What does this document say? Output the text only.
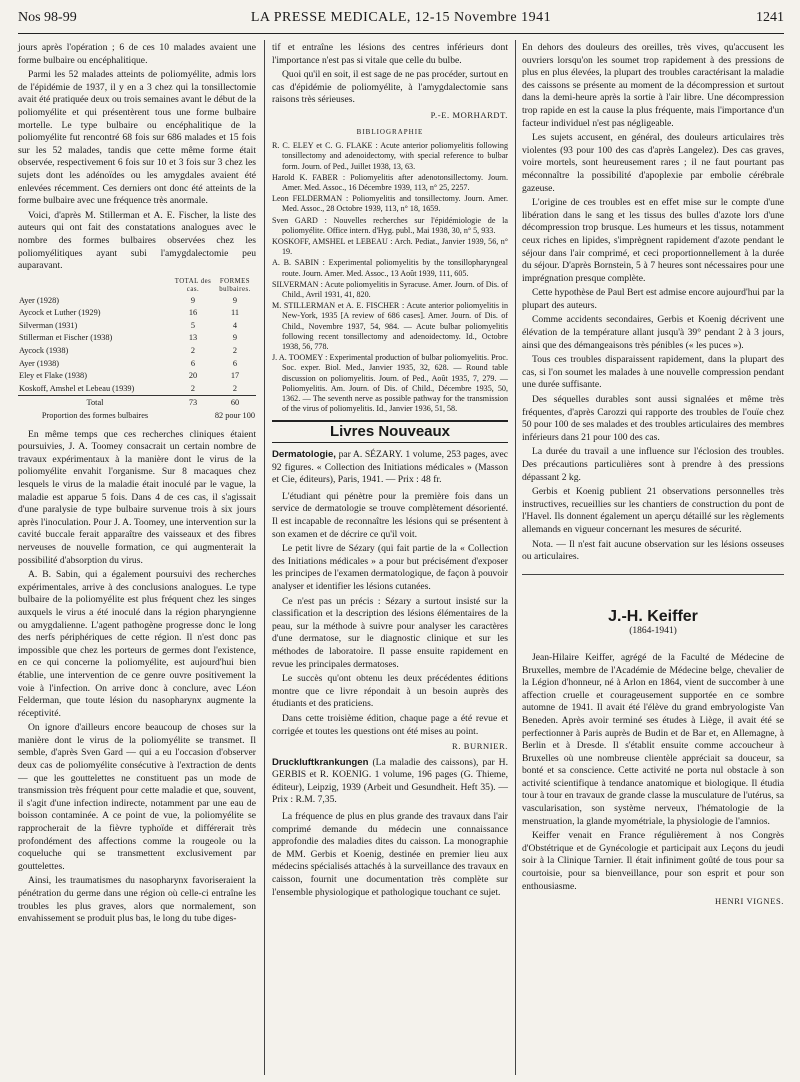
Nos 98-99	LA PRESSE MEDICALE, 12-15 Novembre 1941	1241

jours après l'opération ; 6 de ces 10 malades avaient une forme bulbaire ou encéphalitique.

Parmi les 52 malades atteints de poliomyélite, admis lors de l'épidémie de 1937, il y en a 3 chez qui la tonsillectomie avait été pratiquée deux ou trois semaines avant le début de la poliomyélite et qui présentèrent tous une forme bulbaire mortelle. Le type bulbaire ou encéphalitique de la poliomyélite fut rencontré 68 fois sur 686 malades et 15 fois sur les 52 malades, tandis que cette même forme était observée, respectivement 6 fois sur 10 et 3 fois sur 3 chez les sujets dont les adénoïdes ou les amygdales avaient été enlevées récemment. Ces derniers ont donc été atteints de la forme bulbaire avec une fréquence très anormale.

Voici, d'après M. Stillerman et A. E. Fischer, la liste des auteurs qui ont fait des constatations analogues avec le nombre des formes bulbaires observées chez les poliomyélitiques ayant subi l'amygdalectomie peu auparavant.

	TOTAL des cas.	FORMES bulbaires.
Ayer (1928)	9	9
Aycock et Luther (1929)	16	11
Silverman (1931)	5	4
Stillerman et Fischer (1938)	13	9
Aycock (1938)	2	2
Ayer (1938)	6	6
Eley et Flake (1938)	20	17
Koskoff, Amshel et Lebeau (1939)	2	2
Total	73	60
Proportion des formes bulbaires	82 pour 100	

En même temps que ces recherches cliniques étaient poursuivies, J. A. Toomey consacrait un certain nombre de travaux expérimentaux à la manière dont le virus de la poliomyélite envahit l'organisme. Sur 8 macaques chez lesquels le virus de la maladie était inoculé par le vague, la maladie est apparue 5 fois. Dans 4 de ces cas, il s'agissait d'une paralysie de type bulbaire survenue trois à six jours après l'inoculation. Pour J. A. Toomey, une intervention sur la cavité buccale ferait apparaître des vaisseaux et des fibres nerveuses de nouvelle formation, ce qui augmenterait la possibilité d'absorption du virus.

A. B. Sabin, qui a également poursuivi des recherches expérimentales, arrive à des conclusions analogues. Le type bulbaire de la poliomyélite est plus fréquent chez les singes auxquels le virus a été inoculé dans la région pharyngienne ou amygdalienne. L'agent pathogène progresse donc le long des nerfs périphériques de cette région. Il n'est donc pas impossible que chez les porteurs de germes dont l'existence, en ce qui concerne la poliomyélite, est aujourd'hui bien établie, une intervention de ce genre ouvre positivement la voie à l'infection. On arrive donc à conclure, avec Léon Felderman, que toute lésion du nasopharynx augmente la réceptivité.

On ignore d'ailleurs encore beaucoup de choses sur la manière dont le virus de la poliomyélite se transmet. Il semble, d'après Sven Gard — qui a eu l'occasion d'observer deux cas de poliomyélite consécutive à l'extraction de dents — que les gouttelettes ne constituent pas un mode de transmission très fréquent pour cette maladie et que, souvent, il s'agit d'une infection indirecte, notamment par une eau de boisson contaminée. A ce point de vue, la poliomyélite se rapprocherait de la fièvre typhoïde et différerait très profondément des affections comme la rougeole ou la coqueluche qui se transmettent exclusivement par gouttelettes.

Ainsi, les traumatismes du nasopharynx favoriseraient la pénétration du germe dans une région où celle-ci entraîne les troubles les plus graves, alors que normalement, son envahissement se produit plus bas, le long du tube diges-

tif et entraîne les lésions des centres inférieurs dont l'importance n'est pas si vitale que celle du bulbe.

Quoi qu'il en soit, il est sage de ne pas procéder, surtout en cas d'épidémie de poliomyélite, à l'amygdalectomie sans raisons très sérieuses.

P.-E. MORHARDT.
BIBLIOGRAPHIE
R. C. ELEY et C. G. FLAKE : Acute anterior poliomyelitis following tonsillectomy and adenoidectomy, with special reference to bulbar form. Journ. of Ped., Juillet 1938, 13, 63.
Harold K. FABER : Poliomyelitis after adenotonsillectomy. Journ. Amer. Med. Assoc., 16 Décembre 1939, 113, n° 25, 2257.
Leon FELDERMAN : Poliomyelitis and tonsillectomy. Journ. Amer. Med. Assoc., 28 Octobre 1939, 113, n° 18, 1659.
Sven GARD : Nouvelles recherches sur l'épidémiologie de la poliomyélite. Office intern. d'Hyg. publ., Mai 1938, 30, n° 5, 933.
KOSKOFF, AMSHEL et LEBEAU : Arch. Pediat., Janvier 1939, 56, n° 19.
A. B. SABIN : Experimental poliomyelitis by the tonsillopharyngeal route. Journ. Amer. Med. Assoc., 13 Août 1939, 111, 605.
SILVERMAN : Acute poliomyelitis in Syracuse. Amer. Journ. of Dis. of Child., Avril 1931, 41, 820.
M. STILLERMAN et A. E. FISCHER : Acute anterior poliomyelitis in New-York, 1935 [A review of 686 cases]. Amer. Journ. of Dis. of Child., Novembre 1937, 54, 984. — Acute bulbar poliomyelitis following recent tonsillectomy and adenoidectomy. Id., Octobre 1938, 56, 778.
J. A. TOOMEY : Experimental production of bulbar poliomyelitis. Proc. Soc. exper. Biol. Med., Janvier 1935, 32, 628. — Round table discussion on poliomyelitis. Journ. of Ped., Août 1935, 7, 279. — Poliomyelitis. Am. Journ. of Dis. of Child., Décembre 1935, 50, 1362. — The seventh nerve as possible pathway for the transmission of the virus of poliomyelitis. Id., Janvier 1936, 51, 58.
Livres Nouveaux

Dermatologie, par A. SÉZARY. 1 volume, 253 pages, avec 92 figures. « Collection des Initiations médicales » (Masson et Cie, éditeurs), Paris, 1941. — Prix : 48 fr.

L'étudiant qui pénètre pour la première fois dans un service de dermatologie se trouve complètement désorienté. Il est incapable de reconnaître les lésions qui se présentent à son examen et de décrire ce qu'il voit.

Le petit livre de Sézary (qui fait partie de la « Collection des Initiations médicales » a pour but précisément d'exposer les principes de l'examen dermatologique, de façon à pouvoir analyser et identifier les lésions cutanées.

Ce n'est pas un précis : Sézary a surtout insisté sur la classification et la description des lésions élémentaires de la peau, sur la méthode à suivre pour analyser les caractères d'une dermatose, sur le diagnostic clinique et sur les méthodes de laboratoire. Il passe ensuite rapidement en revue les principales dermatoses.

Le succès qu'ont obtenu les deux précédentes éditions montre que ce livre répondait à un besoin auprès des étudiants et des praticiens.

Dans cette troisième édition, chaque page a été revue et corrigée et toutes les questions ont été mises au point.

R. BURNIER.

Druckluftkrankungen (La maladie des caissons), par H. GERBIS et R. KOENIG. 1 volume, 196 pages (G. Thieme, éditeur), Leipzig, 1939 (Arbeit und Gesundheit. Heft 35). — Prix : R.M. 7,35.

La fréquence de plus en plus grande des travaux dans l'air comprimé demande du médecin une connaissance approfondie des maladies dites du caisson. La monographie de MM. Gerbis et Koenig, destinée en premier lieu aux médecins spécialisés attachés à la surveillance des travaux en caisson, fournit une documentation très complète sur l'ensemble physiologique et pathologique touchant ce sujet.

En dehors des douleurs des oreilles, très vives, qu'accusent les ouvriers lorsqu'on les soumet trop rapidement à des pressions de plus en plus élevées, la plupart des troubles caractérisant la maladie des caissons se présente au moment de la décompression et surtout dans la demi-heure après la sortie à l'air libre. Une décompression trop rapide en est la cause la plus fréquente, mais l'importance d'un facteur individuel n'est pas négligeable.

Les sujets accusent, en général, des douleurs articulaires très violentes (93 pour 100 des cas d'après Langelez). Des cas graves, voire mortels, sont heureusement rares ; il ne faut pourtant pas méconnaître la possibilité d'apoplexie par embolie cérébrale gazeuse.

L'origine de ces troubles est en effet mise sur le compte d'une libération dans le sang et les tissus des bulles d'azote lors d'une décompression trop brusque. Les humeurs et les tissus, notamment ceux riches en lipides, s'imprègnent rapidement d'azote pendant le séjour dans l'air comprimé, et ceci proportionnellement à la durée du séjour. D'après Bornstein, 5 à 7 heures sont nécessaires pour une imprégnation presque complète.

Cette hypothèse de Paul Bert est admise encore aujourd'hui par la plupart des auteurs.

Comme accidents secondaires, Gerbis et Koenig décrivent une élévation de la température allant jusqu'à 39° pendant 2 à 3 jours, ainsi que des démangeaisons très pénibles (« les puces »).

Tous ces troubles disparaissent rapidement, dans la plupart des cas, si l'on soumet les malades à une nouvelle compression pendant une durée suffisante.

Des séquelles durables sont aussi signalées et même très fréquentes, d'après Carozzi qui rapporte des troubles de l'ouïe chez 50 pour 100 de ses malades et des troubles articulaires des membres inférieurs dans 21 pour 100 des cas.

La durée du travail a une influence sur l'éclosion des troubles. Des précautions particulières sont à prendre à des pressions dépassant 2 kg.

Gerbis et Koenig publient 21 observations personnelles très instructives, recueillies sur les chantiers de construction du pont de l'Havel. Ils donnent également un aperçu détaillé sur les règlements allemands en vigueur concernant les mesures de sécurité.

Nota. — Il n'est fait aucune observation sur les lésions osseuses ou articulaires.

J.-H. Keiffer
(1864-1941)

Jean-Hilaire Keiffer, agrégé de la Faculté de Médecine de Bruxelles, membre de l'Académie de Médecine belge, chevalier de la Légion d'honneur, né à Arlon en 1864, vient de succomber à une affection cruelle et courageusement supportée en ce sombre automne de 1941. Il avait été l'élève du grand embryologiste Van Beneden. Après avoir terminé ses études à Liège, il avait été se perfectionner à Paris auprès de Budin et de Bar et, en Allemagne, à Berlin et à Dresde. Il s'établit ensuite comme accoucheur à Bruxelles où une nombreuse clientèle appréciait sa douceur, sa bonté et sa conscience. Cette activité ne porta nul obstacle à son activité scientifique à tendance anatomique et biologique. Il étudia tour à tour en travaux de grande classe la musculature de l'utérus, sa vascularisation, son système nerveux, l'hématologie de la menstruation, la glande myométriale, la physiologie de l'amnios.

Keiffer venait en France régulièrement à nos Congrès d'Obstétrique et de Gynécologie et participait aux Leçons du jeudi soir à la Clinique Tarnier. Il était infiniment goûté de tous pour sa courtoisie, pour sa bienveillance, pour son esprit et pour son enthousiasme.

HENRI VIGNES.
